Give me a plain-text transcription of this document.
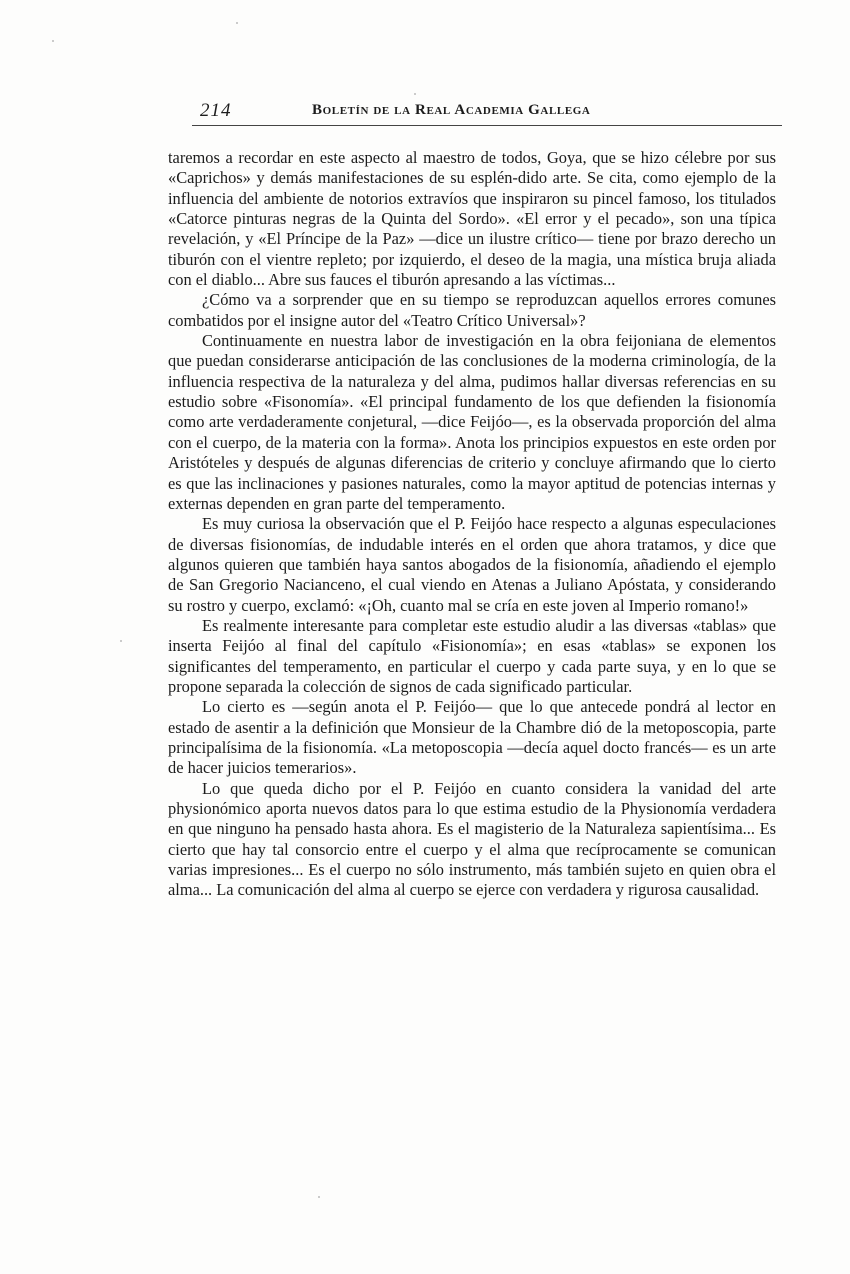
214	Boletín de la Real Academia Gallega

taremos a recordar en este aspecto al maestro de todos, Goya, que se hizo célebre por sus «Caprichos» y demás manifestaciones de su esplén-dido arte. Se cita, como ejemplo de la influencia del ambiente de notorios extravíos que inspiraron su pincel famoso, los titulados «Catorce pinturas negras de la Quinta del Sordo». «El error y el pecado», son una típica revelación, y «El Príncipe de la Paz» —dice un ilustre crítico— tiene por brazo derecho un tiburón con el vientre repleto; por izquierdo, el deseo de la magia, una mística bruja aliada con el diablo... Abre sus fauces el tiburón apresando a las víctimas...

¿Cómo va a sorprender que en su tiempo se reproduzcan aquellos errores comunes combatidos por el insigne autor del «Teatro Crítico Universal»?

Continuamente en nuestra labor de investigación en la obra feijoniana de elementos que puedan considerarse anticipación de las conclusiones de la moderna criminología, de la influencia respectiva de la naturaleza y del alma, pudimos hallar diversas referencias en su estudio sobre «Fisonomía». «El principal fundamento de los que defienden la fisionomía como arte verdaderamente conjetural, —dice Feijóo—, es la observada proporción del alma con el cuerpo, de la materia con la forma». Anota los principios expuestos en este orden por Aristóteles y después de algunas diferencias de criterio y concluye afirmando que lo cierto es que las inclinaciones y pasiones naturales, como la mayor aptitud de potencias internas y externas dependen en gran parte del temperamento.

Es muy curiosa la observación que el P. Feijóo hace respecto a algunas especulaciones de diversas fisionomías, de indudable interés en el orden que ahora tratamos, y dice que algunos quieren que también haya santos abogados de la fisionomía, añadiendo el ejemplo de San Gregorio Nacianceno, el cual viendo en Atenas a Juliano Apóstata, y considerando su rostro y cuerpo, exclamó: «¡Oh, cuanto mal se cría en este joven al Imperio romano!»

Es realmente interesante para completar este estudio aludir a las diversas «tablas» que inserta Feijóo al final del capítulo «Fisionomía»; en esas «tablas» se exponen los significantes del temperamento, en particular el cuerpo y cada parte suya, y en lo que se propone separada la colección de signos de cada significado particular.

Lo cierto es —según anota el P. Feijóo— que lo que antecede pondrá al lector en estado de asentir a la definición que Monsieur de la Chambre dió de la metoposcopia, parte principalísima de la fisionomía. «La metoposcopia —decía aquel docto francés— es un arte de hacer juicios temerarios».

Lo que queda dicho por el P. Feijóo en cuanto considera la vanidad del arte physionómico aporta nuevos datos para lo que estima estudio de la Physionomía verdadera en que ninguno ha pensado hasta ahora. Es el magisterio de la Naturaleza sapientísima... Es cierto que hay tal consorcio entre el cuerpo y el alma que recíprocamente se comunican varias impresiones... Es el cuerpo no sólo instrumento, más también sujeto en quien obra el alma... La comunicación del alma al cuerpo se ejerce con verdadera y rigurosa causalidad.
